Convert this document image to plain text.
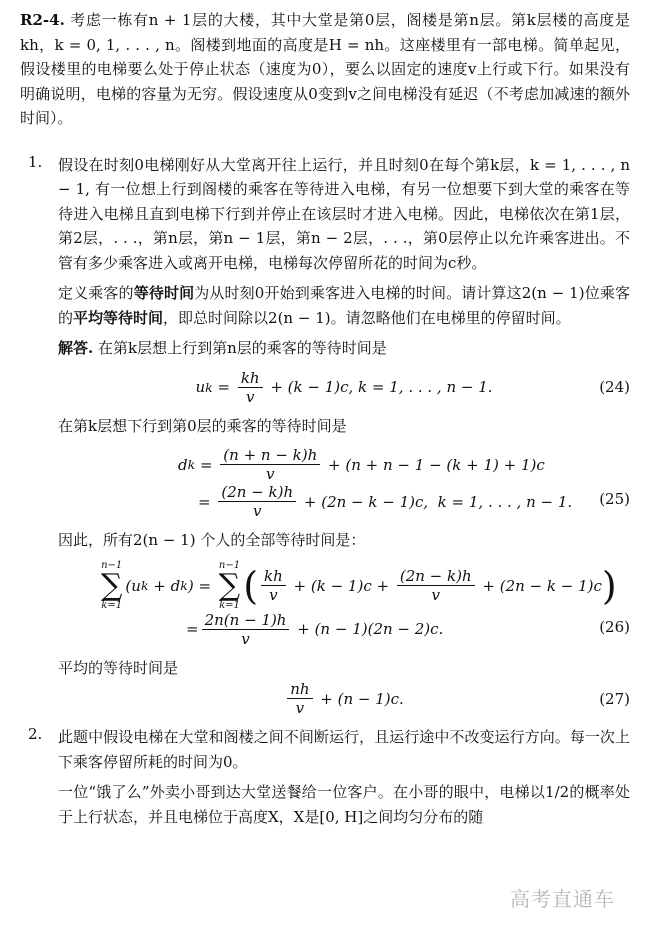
R2-4. 考虑一栋有n + 1层的大楼，其中大堂是第0层，阁楼是第n层。第k层楼的高度是kh，k = 0, 1, . . . , n。阁楼到地面的高度是H = nh。这座楼里有一部电梯。简单起见，假设楼里的电梯要么处于停止状态（速度为0），要么以固定的速度v上行或下行。如果没有明确说明，电梯的容量为无穷。假设速度从0变到v之间电梯没有延迟（不考虑加减速的额外时间）。

1.	假设在时刻0电梯刚好从大堂离开往上运行，并且时刻0在每个第k层，k = 1, . . . , n − 1, 有一位想上行到阁楼的乘客在等待进入电梯，有另一位想要下到大堂的乘客在等待进入电梯且直到电梯下行到并停止在该层时才进入电梯。因此，电梯依次在第1层，第2层，. . .，第n层，第n − 1层，第n − 2层，. . .，第0层停止以允许乘客进出。不管有多少乘客进入或离开电梯，电梯每次停留所花的时间为c秒。

定义乘客的等待时间为从时刻0开始到乘客进入电梯的时间。请计算这2(n − 1)位乘客的平均等待时间，即总时间除以2(n − 1)。请忽略他们在电梯里的停留时间。

解答. 在第k层想上行到第n层的乘客的等待时间是

u $k = \frac{kh}{v} + (k - 1)c$, k = 1, . . . , n − 1.	(24)

在第k层想下行到第0层的乘客的等待时间是

d $k = \frac{(n + n - k)h}{v} + (n + n - 1 - (k + 1) + 1)c$
= $\frac{(2n - k)h}{v} + (2n - k - 1)c$,  k = 1, . . . , n − 1. (25)

因此，所有2(n − 1) 个人的全部等待时间是：

n−1
∑
k=1
(u k + d k ) =
n−1
∑
k=1 ( $\frac{kh}{v} + (k - 1)c + \frac{(2n - k)h}{v} + (2n - k - 1)c$ )
= $\frac{2n(n - 1)h}{v} + (n - 1)(2n - 2)c$.	(26)

平均的等待时间是

$\frac{nh}{v} + (n - 1)c$.	(27)
2.	此题中假设电梯在大堂和阁楼之间不间断运行，且运行途中不改变运行方向。每一次上下乘客停留所耗的时间为0。

一位“饿了么”外卖小哥到达大堂送餐给一位客户。在小哥的眼中，电梯以1/2的概率处于上行状态，并且电梯位于高度X，X是[0, H]之间均匀分布的随

高考直通车
